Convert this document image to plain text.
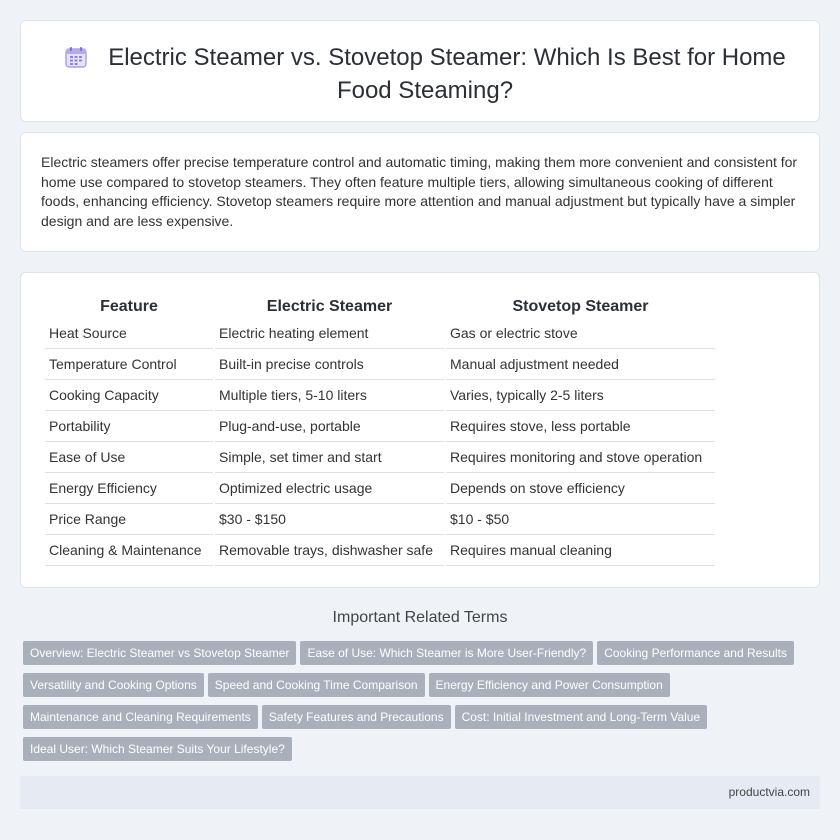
Electric Steamer vs. Stovetop Steamer: Which Is Best for Home Food Steaming?

Electric steamers offer precise temperature control and automatic timing, making them more convenient and consistent for home use compared to stovetop steamers. They often feature multiple tiers, allowing simultaneous cooking of different foods, enhancing efficiency. Stovetop steamers require more attention and manual adjustment but typically have a simpler design and are less expensive.

Feature	Electric Steamer	Stovetop Steamer
Heat Source	Electric heating element	Gas or electric stove
Temperature Control	Built-in precise controls	Manual adjustment needed
Cooking Capacity	Multiple tiers, 5-10 liters	Varies, typically 2-5 liters
Portability	Plug-and-use, portable	Requires stove, less portable
Ease of Use	Simple, set timer and start	Requires monitoring and stove operation
Energy Efficiency	Optimized electric usage	Depends on stove efficiency
Price Range	$30 - $150	$10 - $50
Cleaning & Maintenance	Removable trays, dishwasher safe	Requires manual cleaning
Important Related Terms
Overview: Electric Steamer vs Stovetop Steamer Ease of Use: Which Steamer is More User-Friendly? Cooking Performance and ResultsVersatility and Cooking Options Speed and Cooking Time Comparison Energy Efficiency and Power ConsumptionMaintenance and Cleaning Requirements Safety Features and Precautions Cost: Initial Investment and Long-Term ValueIdeal User: Which Steamer Suits Your Lifestyle?
productvia.com
